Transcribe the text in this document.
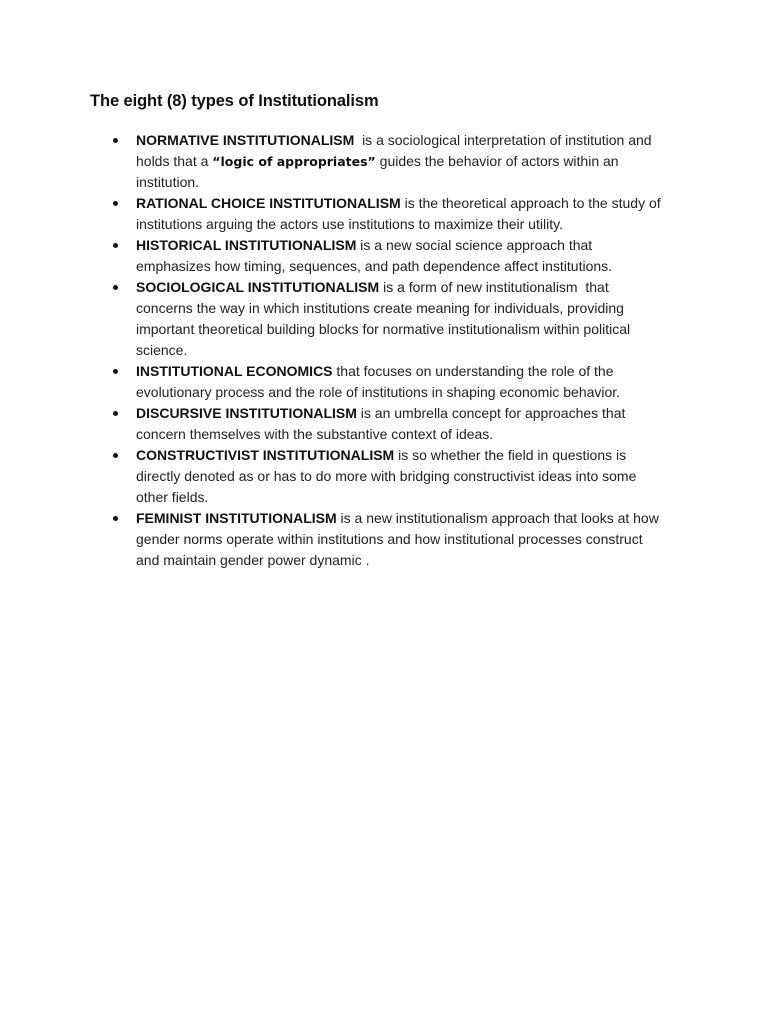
The eight (8) types of Institutionalism
NORMATIVE INSTITUTIONALISM  is a sociological interpretation of institution and holds that a “logic of appropriates” guides the behavior of actors within an institution.
RATIONAL CHOICE INSTITUTIONALISM is the theoretical approach to the study of institutions arguing the actors use institutions to maximize their utility.
HISTORICAL INSTITUTIONALISM is a new social science approach that emphasizes how timing, sequences, and path dependence affect institutions.
SOCIOLOGICAL INSTITUTIONALISM is a form of new institutionalism  that concerns the way in which institutions create meaning for individuals, providing important theoretical building blocks for normative institutionalism within political science.
INSTITUTIONAL ECONOMICS that focuses on understanding the role of the evolutionary process and the role of institutions in shaping economic behavior.
DISCURSIVE INSTITUTIONALISM is an umbrella concept for approaches that concern themselves with the substantive context of ideas.
CONSTRUCTIVIST INSTITUTIONALISM is so whether the field in questions is directly denoted as or has to do more with bridging constructivist ideas into some other fields.
FEMINIST INSTITUTIONALISM is a new institutionalism approach that looks at how gender norms operate within institutions and how institutional processes construct and maintain gender power dynamic .
